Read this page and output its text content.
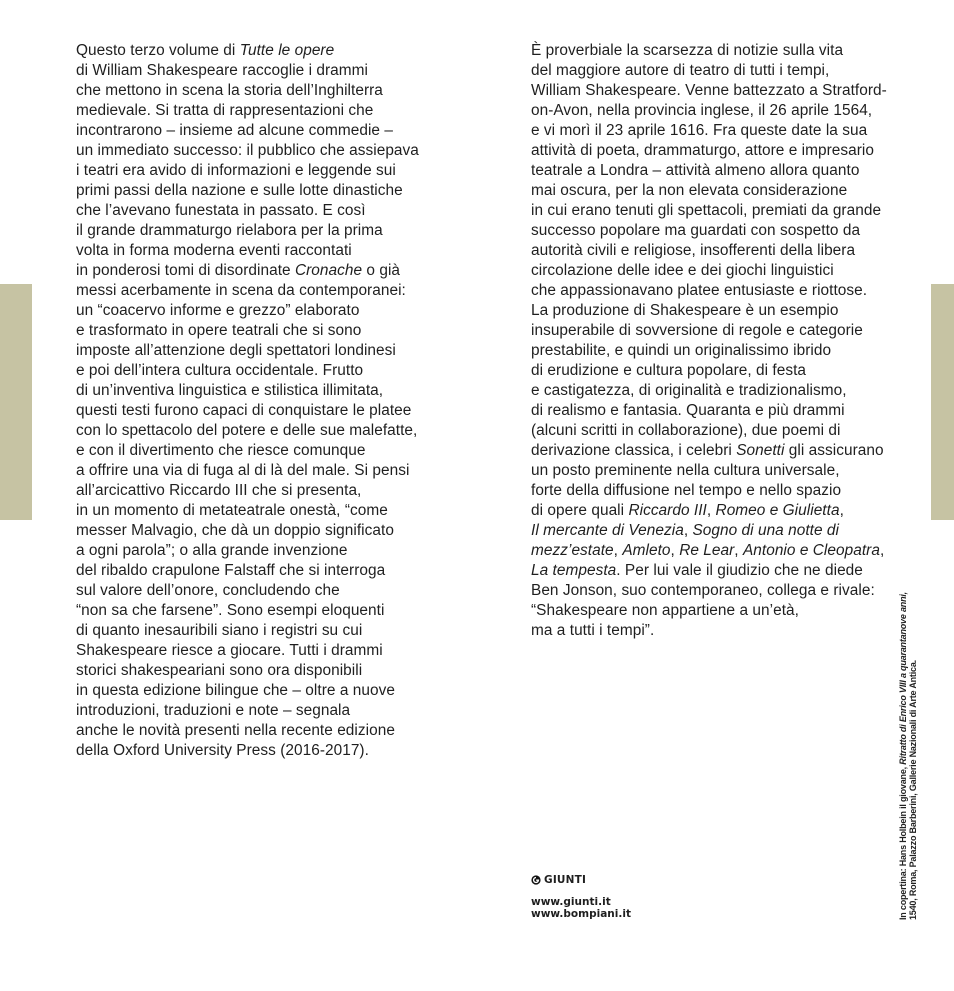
Questo terzo volume di Tutte le opere
di William Shakespeare raccoglie i drammi
che mettono in scena la storia dell’Inghilterra
medievale. Si tratta di rappresentazioni che
incontrarono – insieme ad alcune commedie –
un immediato successo: il pubblico che assiepava
i teatri era avido di informazioni e leggende sui
primi passi della nazione e sulle lotte dinastiche
che l’avevano funestata in passato. E così
il grande drammaturgo rielabora per la prima
volta in forma moderna eventi raccontati
in ponderosi tomi di disordinate Cronache o già
messi acerbamente in scena da contemporanei:
un “coacervo informe e grezzo” elaborato
e trasformato in opere teatrali che si sono
imposte all’attenzione degli spettatori londinesi
e poi dell’intera cultura occidentale. Frutto
di un’inventiva linguistica e stilistica illimitata,
questi testi furono capaci di conquistare le platee
con lo spettacolo del potere e delle sue malefatte,
e con il divertimento che riesce comunque
a offrire una via di fuga al di là del male. Si pensi
all’arcicattivo Riccardo III che si presenta,
in un momento di metateatrale onestà, “come
messer Malvagio, che dà un doppio significato
a ogni parola”; o alla grande invenzione
del ribaldo crapulone Falstaff che si interroga
sul valore dell’onore, concludendo che
“non sa che farsene”. Sono esempi eloquenti
di quanto inesauribili siano i registri su cui
Shakespeare riesce a giocare. Tutti i drammi
storici shakespeariani sono ora disponibili
in questa edizione bilingue che – oltre a nuove
introduzioni, traduzioni e note – segnala
anche le novità presenti nella recente edizione
della Oxford University Press (2016-2017).
È proverbiale la scarsezza di notizie sulla vita
del maggiore autore di teatro di tutti i tempi,
William Shakespeare. Venne battezzato a Stratford-
on-Avon, nella provincia inglese, il 26 aprile 1564,
e vi morì il 23 aprile 1616. Fra queste date la sua
attività di poeta, drammaturgo, attore e impresario
teatrale a Londra – attività almeno allora quanto
mai oscura, per la non elevata considerazione
in cui erano tenuti gli spettacoli, premiati da grande
successo popolare ma guardati con sospetto da
autorità civili e religiose, insofferenti della libera
circolazione delle idee e dei giochi linguistici
che appassionavano platee entusiaste e riottose.
La produzione di Shakespeare è un esempio
insuperabile di sovversione di regole e categorie
prestabilite, e quindi un originalissimo ibrido
di erudizione e cultura popolare, di festa
e castigatezza, di originalità e tradizionalismo,
di realismo e fantasia. Quaranta e più drammi
(alcuni scritti in collaborazione), due poemi di
derivazione classica, i celebri Sonetti gli assicurano
un posto preminente nella cultura universale,
forte della diffusione nel tempo e nello spazio
di opere quali Riccardo III, Romeo e Giulietta,
Il mercante di Venezia, Sogno di una notte di
mezz’estate, Amleto, Re Lear, Antonio e Cleopatra,
La tempesta. Per lui vale il giudizio che ne diede
Ben Jonson, suo contemporaneo, collega e rivale:
“Shakespeare non appartiene a un’età,
ma a tutti i tempi”.
GIUNTI
www.giunti.it
www.bompiani.it	In copertina: Hans Holbein il giovane, Ritratto di Enrico VIII a quarantanove anni, 1540, Roma, Palazzo Barberini, Gallerie Nazionali di Arte Antica.
